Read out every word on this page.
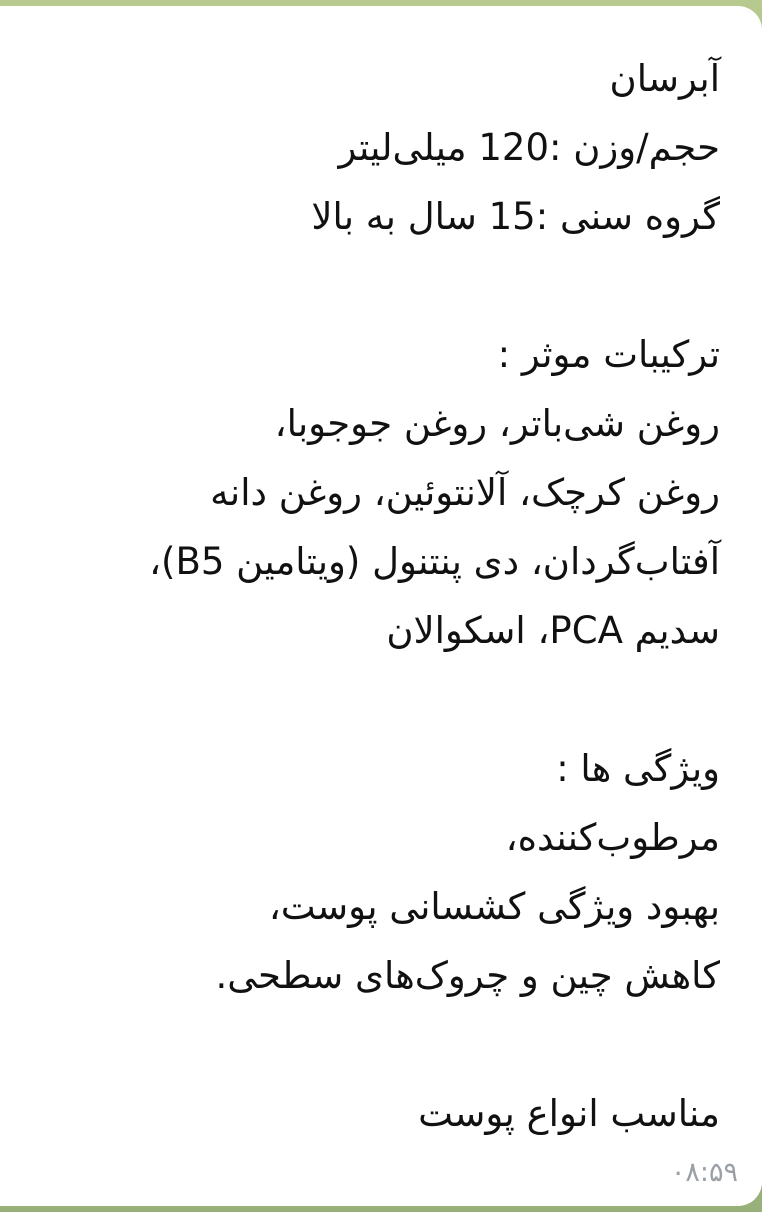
آبرسان
حجم/وزن :120 میلی‌لیتر
گروه سنی :15 سال به بالا
ترکیبات موثر :
روغن شی‌باتر، روغن جوجوبا،
روغن کرچک، آلانتوئین، روغن دانه
آفتاب‌گردان، دی پنتنول (ویتامین B5)،
سدیم PCA، اسکوالان
ویژگی ها :
مرطوب‌کننده،
بهبود ویژگی کشسانی پوست،
کاهش چین و چروک‌های سطحی.
مناسب انواع پوست
۰۸:۵۹
